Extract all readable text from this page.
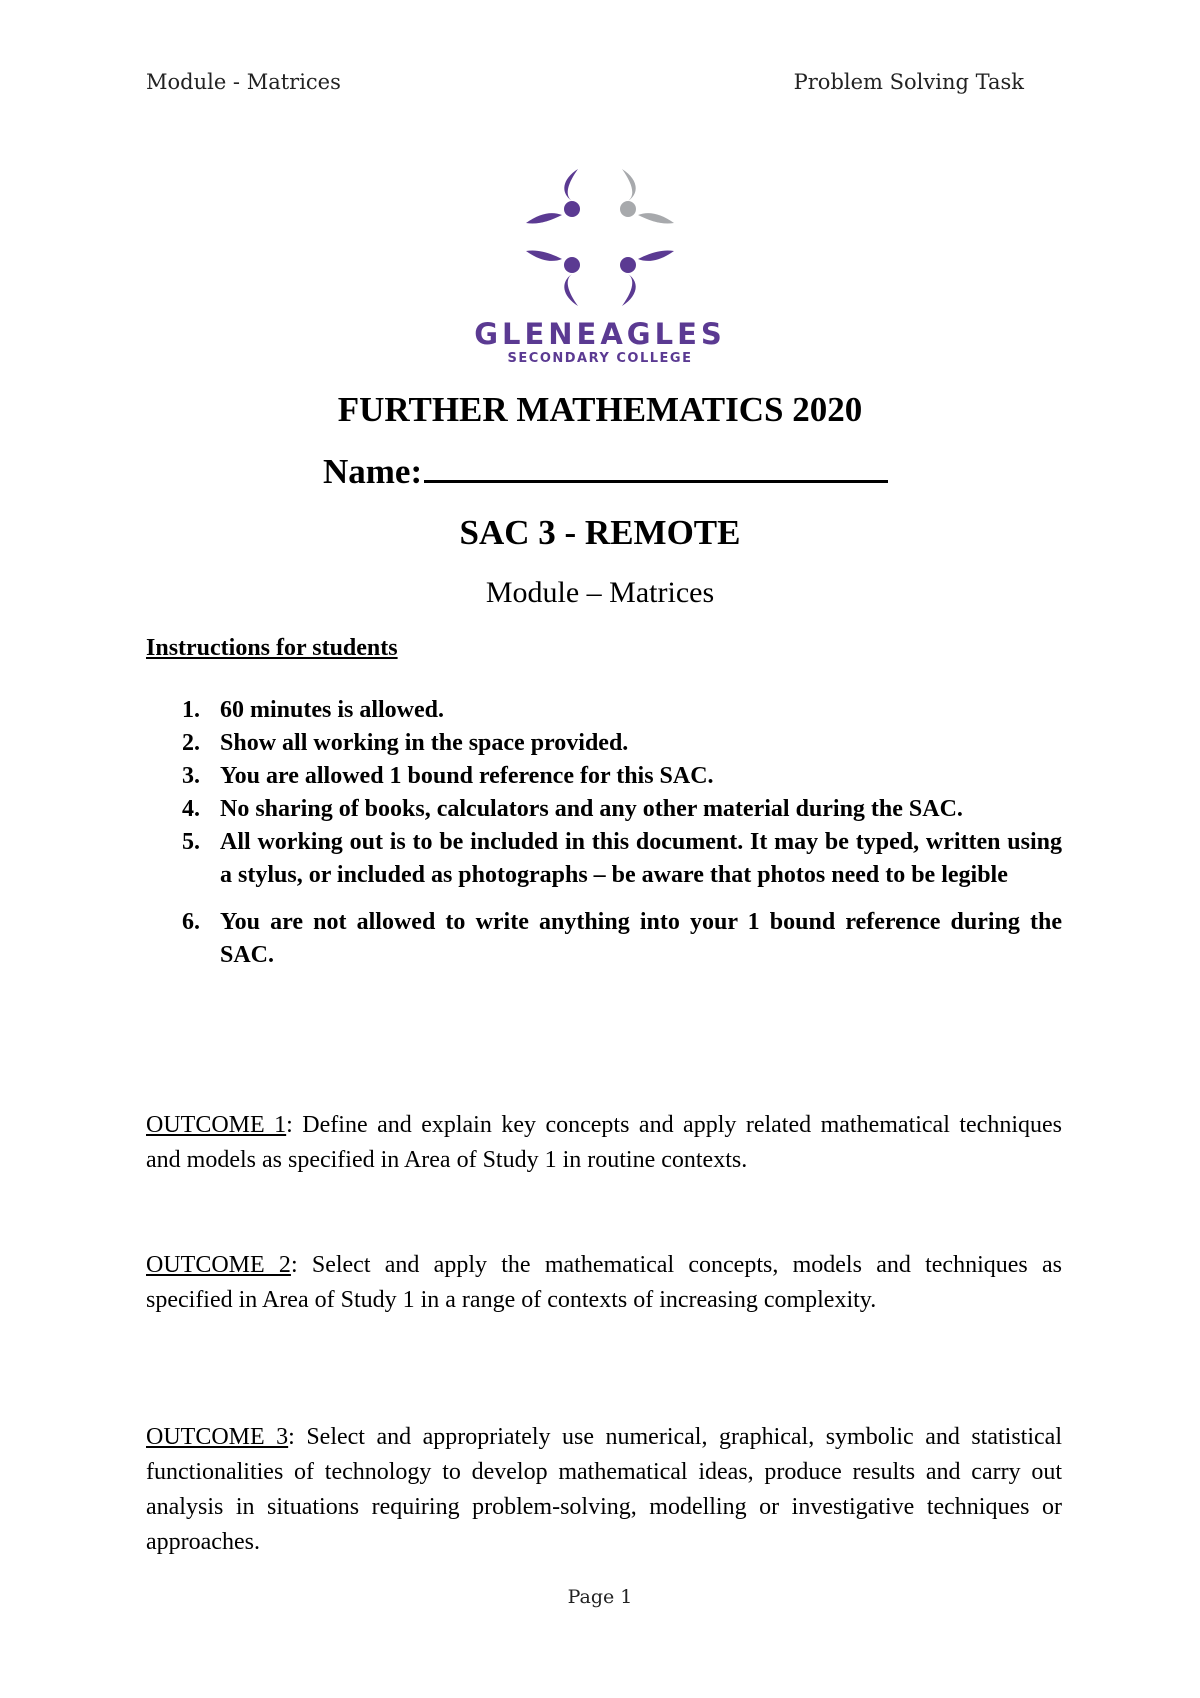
Module - Matrices	Problem Solving Task
GLENEAGLES
SECONDARY COLLEGE
FURTHER MATHEMATICS 2020
Name:
SAC 3 - REMOTE
Module – Matrices
Instructions for students
1. 60 minutes is allowed.
2. Show all working in the space provided.
3. You are allowed 1 bound reference for this SAC.
4. No sharing of books, calculators and any other material during the SAC.
5. All working out is to be included in this document. It may be typed, written using a stylus, or included as photographs – be aware that photos need to be legible
6. You are not allowed to write anything into your 1 bound reference during the SAC.
OUTCOME 1: Define and explain key concepts and apply related mathematical techniques and models as specified in Area of Study 1 in routine contexts.
OUTCOME 2: Select and apply the mathematical concepts, models and techniques as specified in Area of Study 1 in a range of contexts of increasing complexity.
OUTCOME 3: Select and appropriately use numerical, graphical, symbolic and statistical functionalities of technology to develop mathematical ideas, produce results and carry out analysis in situations requiring problem-solving, modelling or investigative techniques or approaches.
Page 1
